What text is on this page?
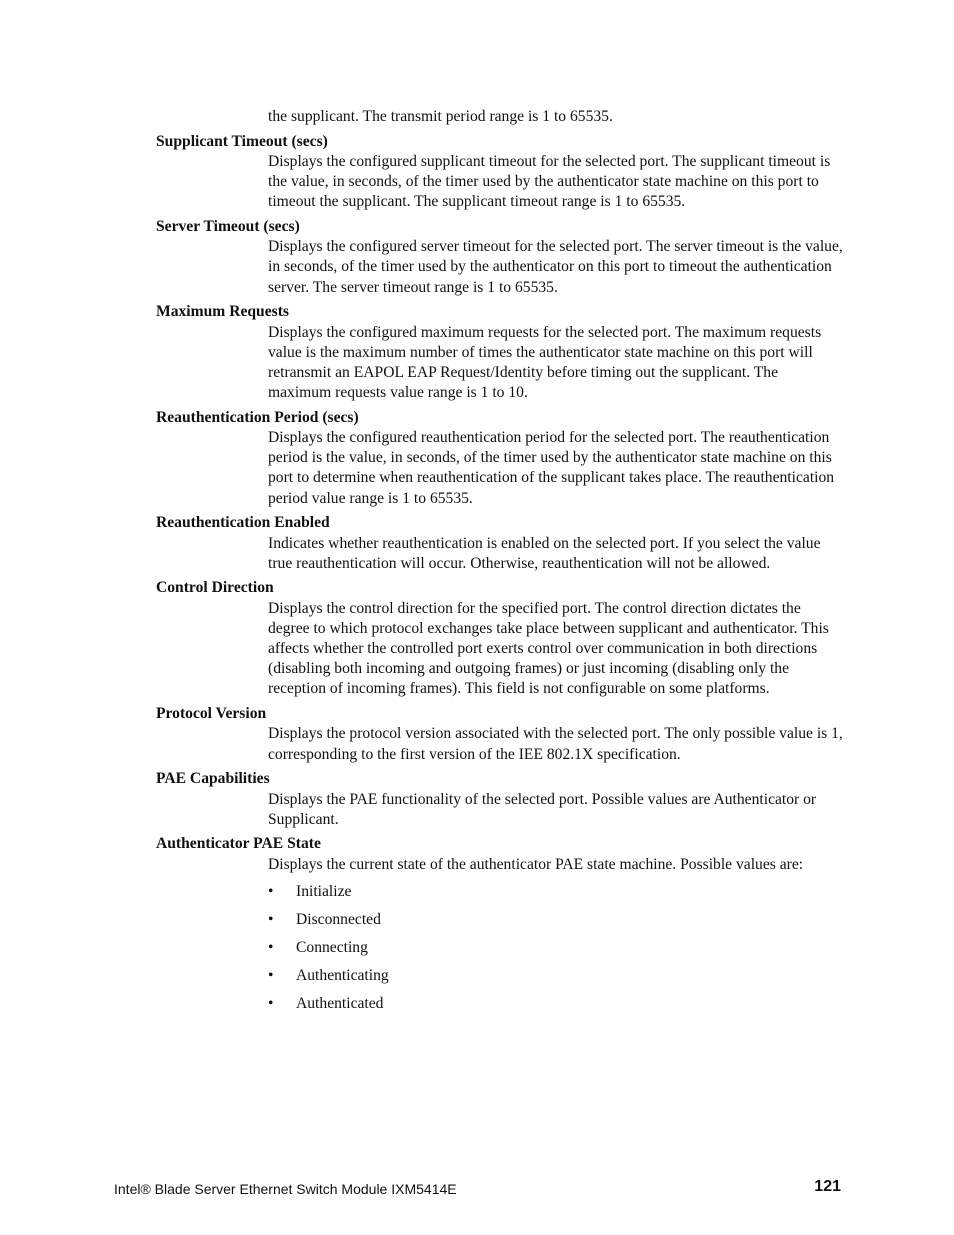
the supplicant. The transmit period range is 1 to 65535.

Supplicant Timeout (secs)

Displays the configured supplicant timeout for the selected port. The supplicant timeout is the value, in seconds, of the timer used by the authenticator state machine on this port to timeout the supplicant. The supplicant timeout range is 1 to 65535.

Server Timeout (secs)

Displays the configured server timeout for the selected port. The server timeout is the value, in seconds, of the timer used by the authenticator on this port to timeout the authentication server. The server timeout range is 1 to 65535.

Maximum Requests

Displays the configured maximum requests for the selected port. The maximum requests value is the maximum number of times the authenticator state machine on this port will retransmit an EAPOL EAP Request/Identity before timing out the supplicant. The maximum requests value range is 1 to 10.

Reauthentication Period (secs)

Displays the configured reauthentication period for the selected port. The reauthentication period is the value, in seconds, of the timer used by the authenticator state machine on this port to determine when reauthentication of the supplicant takes place. The reauthentication period value range is 1 to 65535.

Reauthentication Enabled

Indicates whether reauthentication is enabled on the selected port. If you select the value true reauthentication will occur. Otherwise, reauthentication will not be allowed.

Control Direction

Displays the control direction for the specified port. The control direction dictates the degree to which protocol exchanges take place between supplicant and authenticator. This affects whether the controlled port exerts control over communication in both directions (disabling both incoming and outgoing frames) or just incoming (disabling only the reception of incoming frames). This field is not configurable on some platforms.

Protocol Version

Displays the protocol version associated with the selected port. The only possible value is 1, corresponding to the first version of the IEE 802.1X specification.

PAE Capabilities

Displays the PAE functionality of the selected port. Possible values are Authenticator or Supplicant.

Authenticator PAE State

Displays the current state of the authenticator PAE state machine. Possible values are:

• Initialize
• Disconnected
• Connecting
• Authenticating
• Authenticated
Intel® Blade Server Ethernet Switch Module IXM5414E	121
